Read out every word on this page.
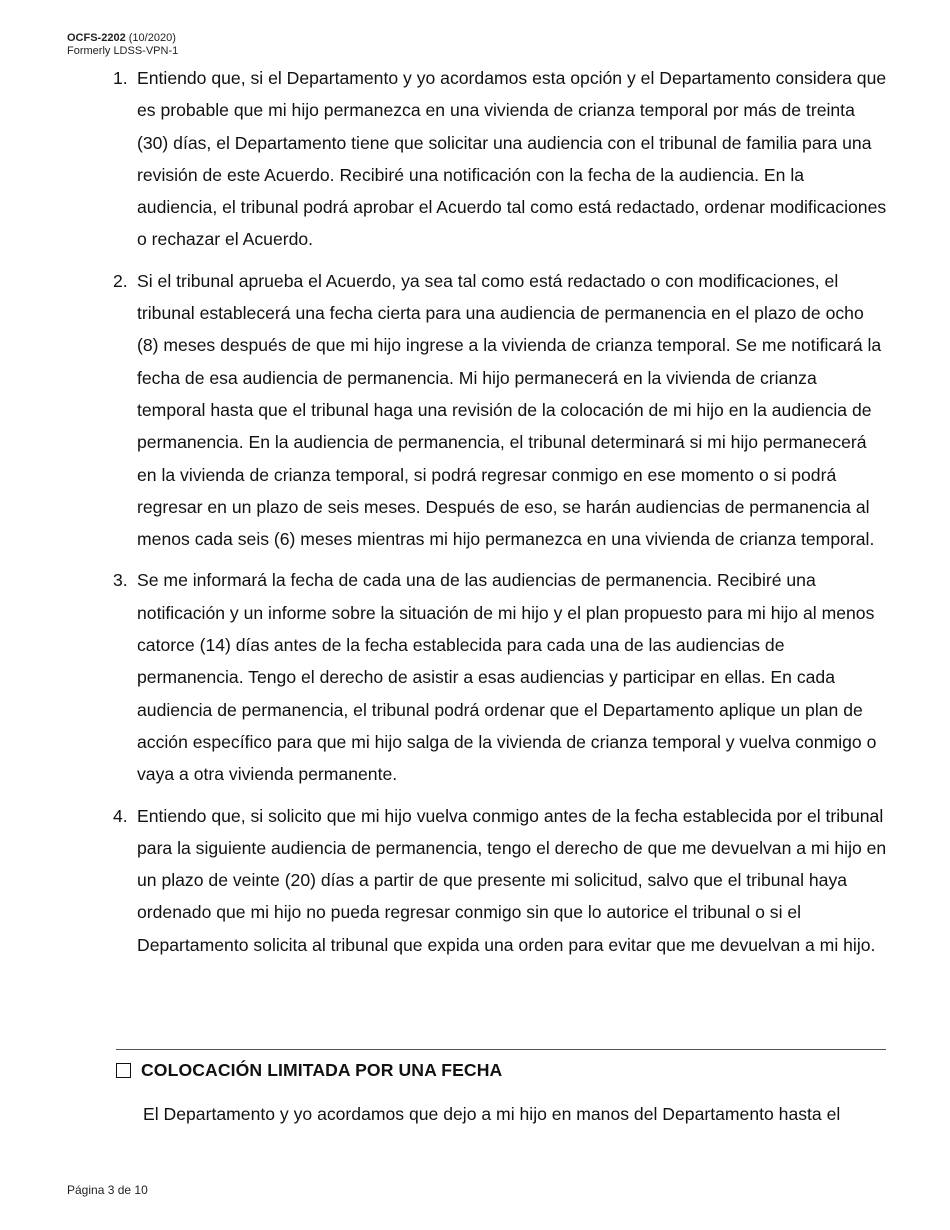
OCFS-2202 (10/2020)
Formerly LDSS-VPN-1
1. Entiendo que, si el Departamento y yo acordamos esta opción y el Departamento considera que es probable que mi hijo permanezca en una vivienda de crianza temporal por más de treinta (30) días, el Departamento tiene que solicitar una audiencia con el tribunal de familia para una revisión de este Acuerdo. Recibiré una notificación con la fecha de la audiencia. En la audiencia, el tribunal podrá aprobar el Acuerdo tal como está redactado, ordenar modificaciones o rechazar el Acuerdo.
2. Si el tribunal aprueba el Acuerdo, ya sea tal como está redactado o con modificaciones, el tribunal establecerá una fecha cierta para una audiencia de permanencia en el plazo de ocho (8) meses después de que mi hijo ingrese a la vivienda de crianza temporal. Se me notificará la fecha de esa audiencia de permanencia. Mi hijo permanecerá en la vivienda de crianza temporal hasta que el tribunal haga una revisión de la colocación de mi hijo en la audiencia de permanencia. En la audiencia de permanencia, el tribunal determinará si mi hijo permanecerá en la vivienda de crianza temporal, si podrá regresar conmigo en ese momento o si podrá regresar en un plazo de seis meses. Después de eso, se harán audiencias de permanencia al menos cada seis (6) meses mientras mi hijo permanezca en una vivienda de crianza temporal.
3. Se me informará la fecha de cada una de las audiencias de permanencia. Recibiré una notificación y un informe sobre la situación de mi hijo y el plan propuesto para mi hijo al menos catorce (14) días antes de la fecha establecida para cada una de las audiencias de permanencia. Tengo el derecho de asistir a esas audiencias y participar en ellas. En cada audiencia de permanencia, el tribunal podrá ordenar que el Departamento aplique un plan de acción específico para que mi hijo salga de la vivienda de crianza temporal y vuelva conmigo o vaya a otra vivienda permanente.
4. Entiendo que, si solicito que mi hijo vuelva conmigo antes de la fecha establecida por el tribunal para la siguiente audiencia de permanencia, tengo el derecho de que me devuelvan a mi hijo en un plazo de veinte (20) días a partir de que presente mi solicitud, salvo que el tribunal haya ordenado que mi hijo no pueda regresar conmigo sin que lo autorice el tribunal o si el Departamento solicita al tribunal que expida una orden para evitar que me devuelvan a mi hijo.
COLOCACIÓN LIMITADA POR UNA FECHA
El Departamento y yo acordamos que dejo a mi hijo en manos del Departamento hasta el
Página 3 de 10
